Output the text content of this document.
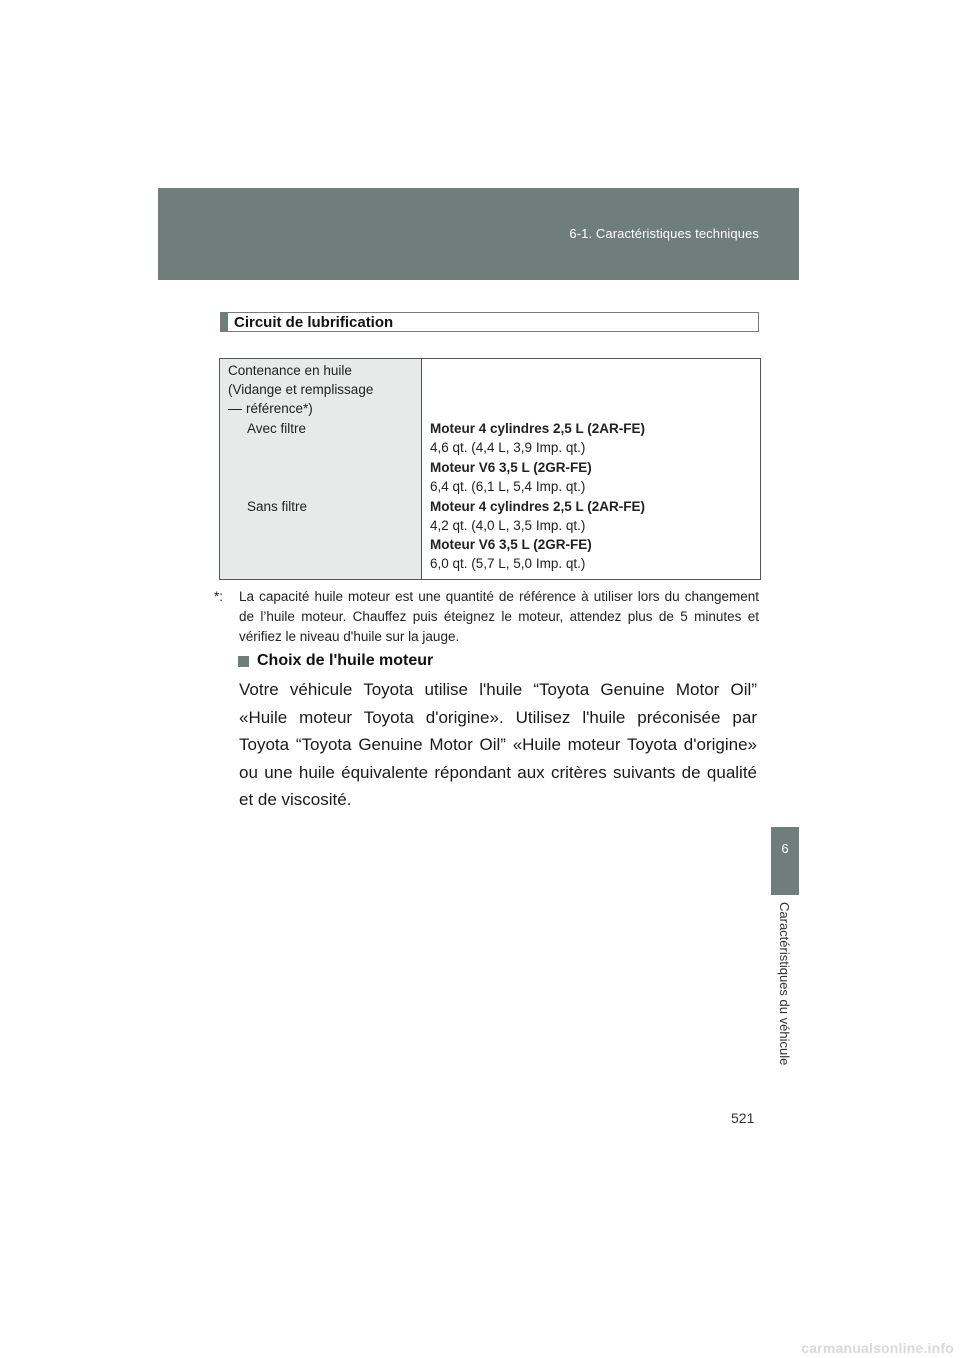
6-1. Caractéristiques techniques
6
Caractéristiques du véhicule
Circuit de lubrification
Contenance en huile
(Vidange et remplissage
référence*)
Avec filtre
Sans filtre
Moteur 4 cylindres 2,5 L (2AR-FE)
4,6 qt. (4,4 L, 3,9 Imp. qt.)
Moteur V6 3,5 L (2GR-FE)
6,4 qt. (6,1 L, 5,4 Imp. qt.)
Moteur 4 cylindres 2,5 L (2AR-FE)
4,2 qt. (4,0 L, 3,5 Imp. qt.)
Moteur V6 3,5 L (2GR-FE)
6,0 qt. (5,7 L, 5,0 Imp. qt.)
*: La capacité huile moteur est une quantité de référence à utiliser lors du changement de l’huile moteur. Chauffez puis éteignez le moteur, attendez plus de 5 minutes et vérifiez le niveau d'huile sur la jauge.
Choix de l'huile moteur
Votre véhicule Toyota utilise l'huile “Toyota Genuine Motor Oil” «Huile moteur Toyota d'origine». Utilisez l'huile préconisée par Toyota “Toyota Genuine Motor Oil” «Huile moteur Toyota d'origine» ou une huile équivalente répondant aux critères suivants de qualité et de viscosité.
521
carmanualsonline.info
